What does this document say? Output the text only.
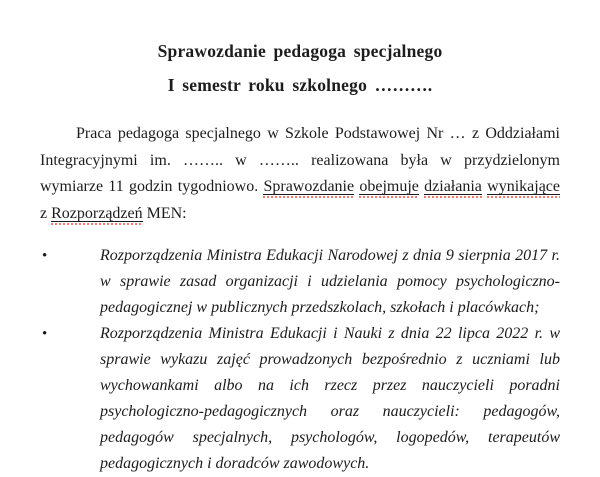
Sprawozdanie pedagoga specjalnego
I semestr roku szkolnego ……….

Praca pedagoga specjalnego w Szkole Podstawowej Nr … z Oddziałami Integracyjnymi im. …….. w …….. realizowana była w przydzielonym wymiarze 11 godzin tygodniowo. Sprawozdanie obejmuje działania wynikające z Rozporządzeń MEN:

•	Rozporządzenia Ministra Edukacji Narodowej z dnia 9 sierpnia 2017 r. w sprawie zasad organizacji i udzielania pomocy psychologiczno-pedagogicznej w publicznych przedszkolach, szkołach i placówkach;
•	Rozporządzenia Ministra Edukacji i Nauki z dnia 22 lipca 2022 r. w sprawie wykazu zajęć prowadzonych bezpośrednio z uczniami lub wychowankami albo na ich rzecz przez nauczycieli poradni psychologiczno-pedagogicznych oraz nauczycieli: pedagogów, pedagogów specjalnych, psychologów, logopedów, terapeutów pedagogicznych i doradców zawodowych.
